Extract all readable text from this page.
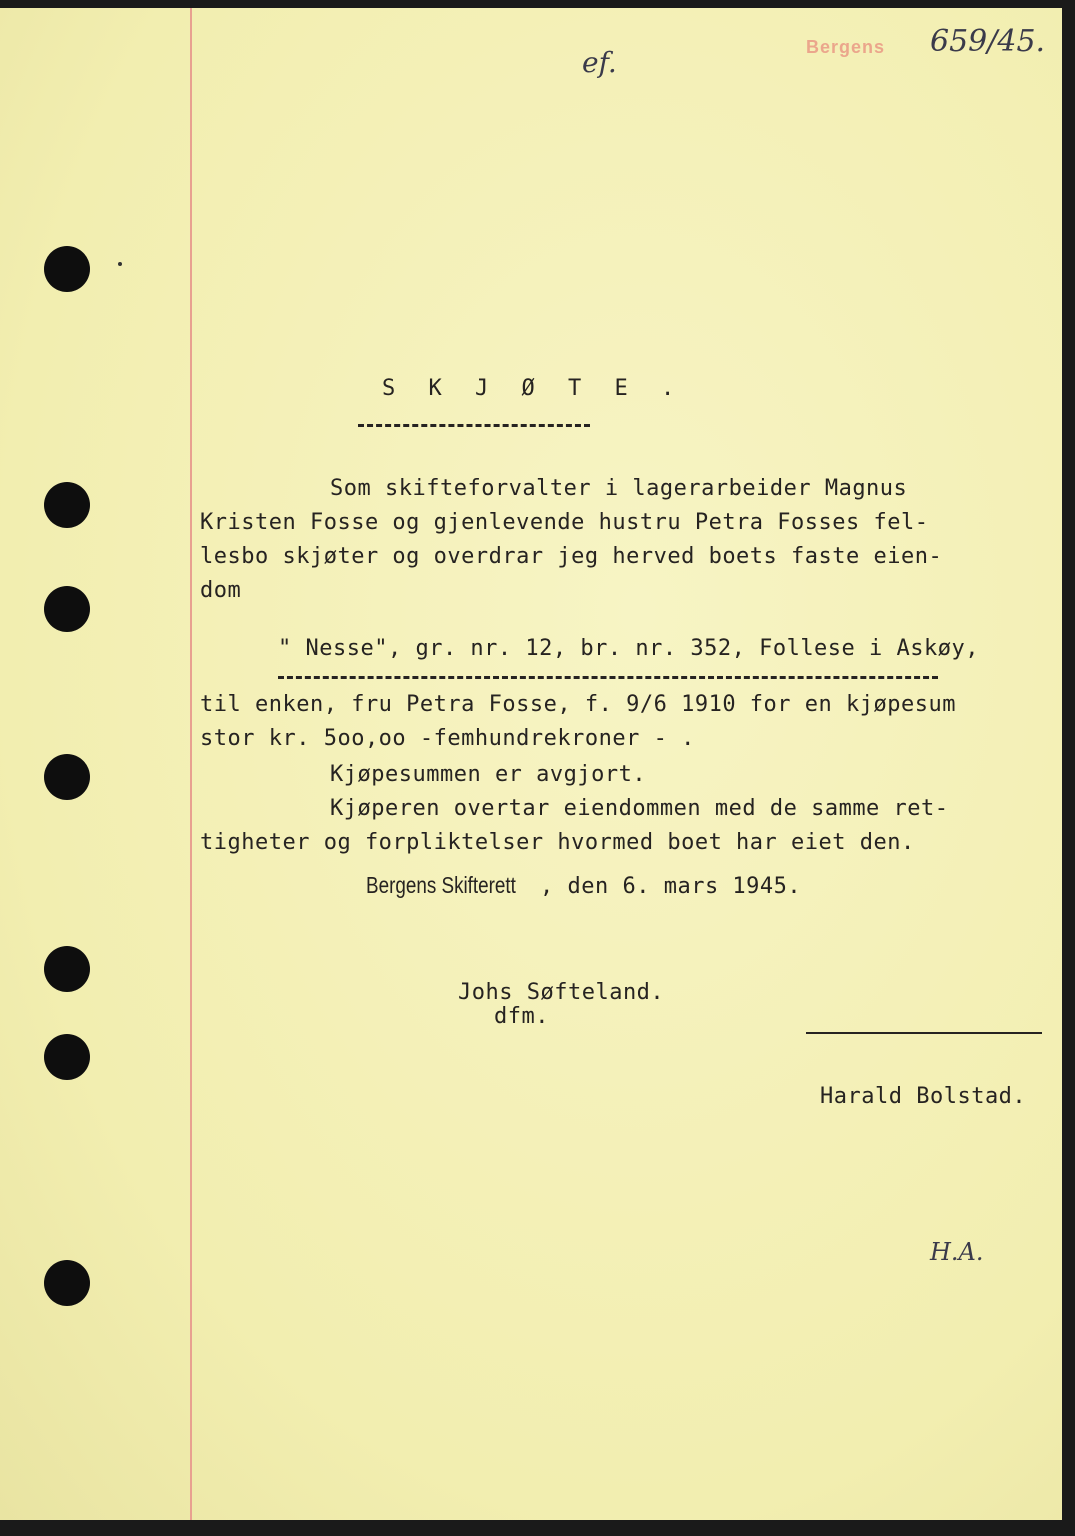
Bergens 659/45.
ef.
S K J Ø T E .
Som skifteforvalter i lagerarbeider Magnus
Kristen Fosse og gjenlevende hustru Petra Fosses fel-
lesbo skjøter og overdrar jeg herved boets faste eien-
dom
" Nesse", gr. nr. 12, br. nr. 352, Follese i Askøy,
til enken, fru Petra Fosse, f. 9/6 1910 for en kjøpesum
stor kr. 5oo,oo -femhundrekroner - .
Kjøpesummen er avgjort.
Kjøperen overtar eiendommen med de samme ret-
tigheter og forpliktelser hvormed boet har eiet den.
Bergens Skifterett , den 6. mars 1945.
Johs Søfteland.
dfm.
Harald Bolstad.
H.A.
